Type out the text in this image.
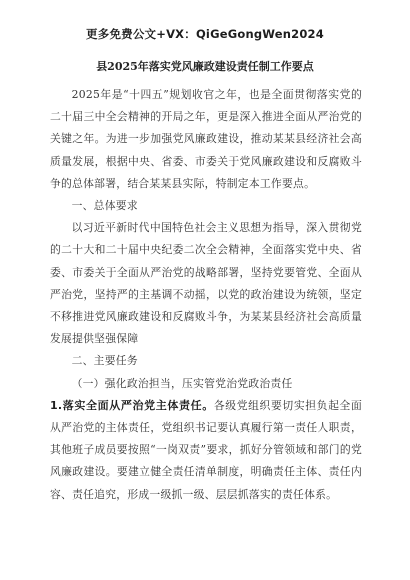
更多免费公文+VX：QiGeGongWen2024
县2025年落实党风廉政建设责任制工作要点

2025年是“十四五”规划收官之年，也是全面贯彻落实党的二十届三中全会精神的开局之年，更是深入推进全面从严治党的关键之年。为进一步加强党风廉政建设，推动某某县经济社会高质量发展，根据中央、省委、市委关于党风廉政建设和反腐败斗争的总体部署，结合某某县实际，特制定本工作要点。

一、总体要求

以习近平新时代中国特色社会主义思想为指导，深入贯彻党的二十大和二十届中央纪委二次全会精神，全面落实党中央、省委、市委关于全面从严治党的战略部署，坚持党要管党、全面从严治党，坚持严的主基调不动摇，以党的政治建设为统领，坚定不移推进党风廉政建设和反腐败斗争，为某某县经济社会高质量发展提供坚强保障

二、主要任务
（一）强化政治担当，压实管党治党政治责任

1.落实全面从严治党主体责任。各级党组织要切实担负起全面从严治党的主体责任，党组织书记要认真履行第一责任人职责，其他班子成员要按照“一岗双责”要求，抓好分管领域和部门的党风廉政建设。要建立健全责任清单制度，明确责任主体、责任内容、责任追究，形成一级抓一级、层层抓落实的责任体系。
